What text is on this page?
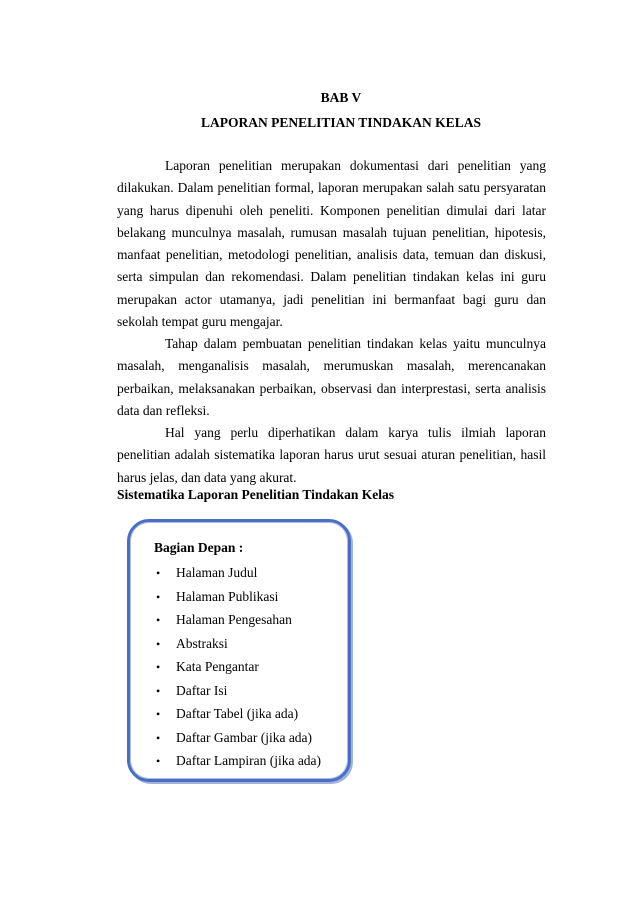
BAB V
LAPORAN PENELITIAN TINDAKAN KELAS

Laporan penelitian merupakan dokumentasi dari penelitian yang dilakukan. Dalam penelitian formal, laporan merupakan salah satu persyaratan yang harus dipenuhi oleh peneliti. Komponen penelitian dimulai dari latar belakang munculnya masalah, rumusan masalah tujuan penelitian, hipotesis, manfaat penelitian, metodologi penelitian, analisis data, temuan dan diskusi, serta simpulan dan rekomendasi. Dalam penelitian tindakan kelas ini guru merupakan actor utamanya, jadi penelitian ini bermanfaat bagi guru dan sekolah tempat guru mengajar.

Tahap dalam pembuatan penelitian tindakan kelas yaitu munculnya masalah, menganalisis masalah, merumuskan masalah, merencanakan perbaikan, melaksanakan perbaikan, observasi dan interprestasi, serta analisis data dan refleksi.

Hal yang perlu diperhatikan dalam karya tulis ilmiah laporan penelitian adalah sistematika laporan harus urut sesuai aturan penelitian, hasil harus jelas, dan data yang akurat.

Sistematika Laporan Penelitian Tindakan Kelas
Bagian Depan :
• Halaman Judul
• Halaman Publikasi
• Halaman Pengesahan
• Abstraksi
• Kata Pengantar
• Daftar Isi
• Daftar Tabel (jika ada)
• Daftar Gambar (jika ada)
• Daftar Lampiran (jika ada)
